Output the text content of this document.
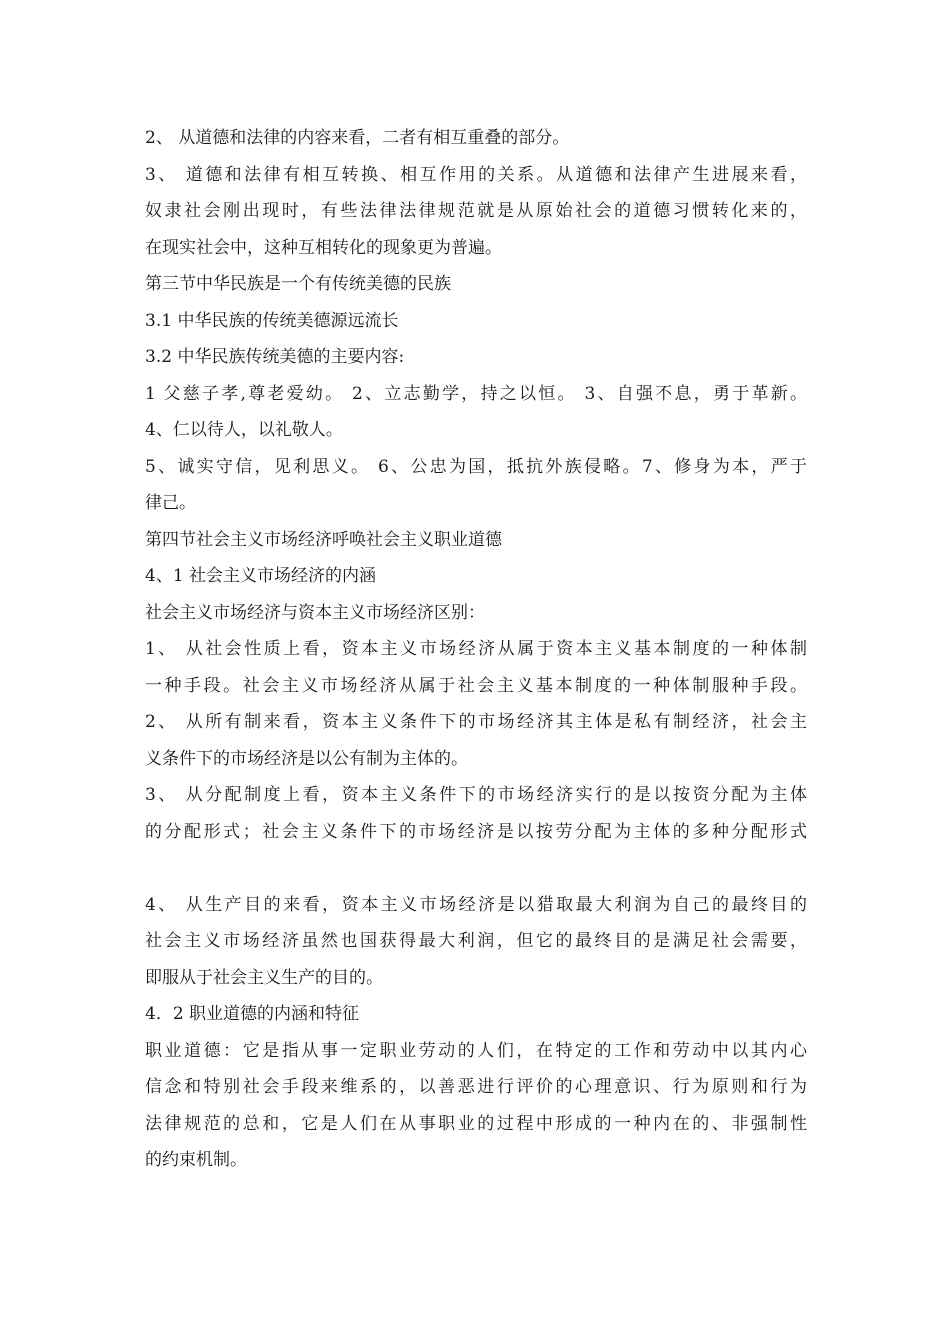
2、 从道德和法律的内容来看，二者有相互重叠的部分。

3、 道德和法律有相互转换、相互作用的关系。从道德和法律产生进展来看，

奴隶社会刚出现时，有些法律法律规范就是从原始社会的道德习惯转化来的，

在现实社会中，这种互相转化的现象更为普遍。

第三节中华民族是一个有传统美德的民族

3.1 中华民族的传统美德源远流长

3.2 中华民族传统美德的主要内容:

1 父慈子孝,尊老爱幼。 2、立志勤学，持之以恒。 3、自强不息，勇于革新。

4、仁以待人，以礼敬人。

5、诚实守信，见利思义。 6、公忠为国，抵抗外族侵略。7、修身为本，严于

律己。

第四节社会主义市场经济呼唤社会主义职业道德

4、1 社会主义市场经济的内涵

社会主义市场经济与资本主义市场经济区别：

1、 从社会性质上看，资本主义市场经济从属于资本主义基本制度的一种体制

一种手段。社会主义市场经济从属于社会主义基本制度的一种体制服种手段。

2、 从所有制来看，资本主义条件下的市场经济其主体是私有制经济，社会主

义条件下的市场经济是以公有制为主体的。

3、 从分配制度上看，资本主义条件下的市场经济实行的是以按资分配为主体

的分配形式；社会主义条件下的市场经济是以按劳分配为主体的多种分配形式

4、 从生产目的来看，资本主义市场经济是以猎取最大利润为自己的最终目的

社会主义市场经济虽然也国获得最大利润，但它的最终目的是满足社会需要，

即服从于社会主义生产的目的。

4．2 职业道德的内涵和特征

职业道德：它是指从事一定职业劳动的人们，在特定的工作和劳动中以其内心

信念和特别社会手段来维系的，以善恶进行评价的心理意识、行为原则和行为

法律规范的总和，它是人们在从事职业的过程中形成的一种内在的、非强制性

的约束机制。
